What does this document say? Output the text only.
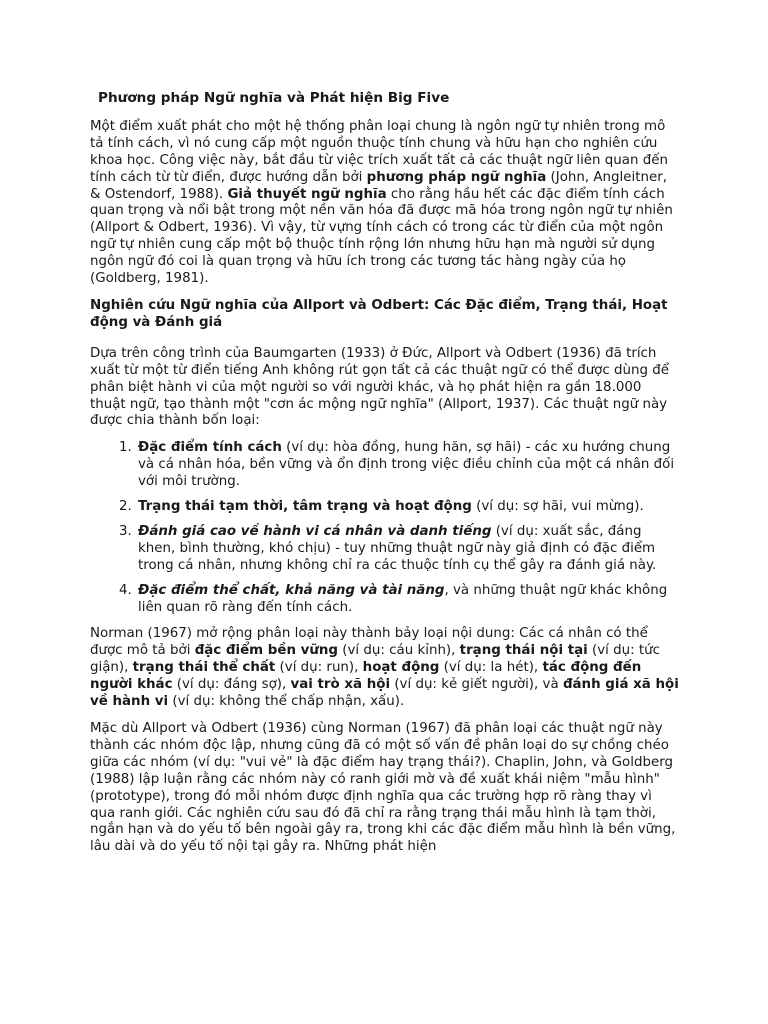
Phương pháp Ngữ nghĩa và Phát hiện Big Five

Một điểm xuất phát cho một hệ thống phân loại chung là ngôn ngữ tự nhiên trong mô tả tính cách, vì nó cung cấp một nguồn thuộc tính chung và hữu hạn cho nghiên cứu khoa học. Công việc này, bắt đầu từ việc trích xuất tất cả các thuật ngữ liên quan đến tính cách từ từ điển, được hướng dẫn bởi phương pháp ngữ nghĩa (John, Angleitner, & Ostendorf, 1988). Giả thuyết ngữ nghĩa cho rằng hầu hết các đặc điểm tính cách quan trọng và nổi bật trong một nền văn hóa đã được mã hóa trong ngôn ngữ tự nhiên (Allport & Odbert, 1936). Vì vậy, từ vựng tính cách có trong các từ điển của một ngôn ngữ tự nhiên cung cấp một bộ thuộc tính rộng lớn nhưng hữu hạn mà người sử dụng ngôn ngữ đó coi là quan trọng và hữu ích trong các tương tác hàng ngày của họ (Goldberg, 1981).

Nghiên cứu Ngữ nghĩa của Allport và Odbert: Các Đặc điểm, Trạng thái, Hoạt động và Đánh giá

Dựa trên công trình của Baumgarten (1933) ở Đức, Allport và Odbert (1936) đã trích xuất từ một từ điển tiếng Anh không rút gọn tất cả các thuật ngữ có thể được dùng để phân biệt hành vi của một người so với người khác, và họ phát hiện ra gần 18.000 thuật ngữ, tạo thành một "cơn ác mộng ngữ nghĩa" (Allport, 1937). Các thuật ngữ này được chia thành bốn loại:

1. Đặc điểm tính cách (ví dụ: hòa đồng, hung hăn, sợ hãi) - các xu hướng chung và cá nhân hóa, bền vững và ổn định trong việc điều chỉnh của một cá nhân đối với môi trường.
2. Trạng thái tạm thời, tâm trạng và hoạt động (ví dụ: sợ hãi, vui mừng).
3. Đánh giá cao về hành vi cá nhân và danh tiếng (ví dụ: xuất sắc, đáng khen, bình thường, khó chịu) - tuy những thuật ngữ này giả định có đặc điểm trong cá nhân, nhưng không chỉ ra các thuộc tính cụ thể gây ra đánh giá này.
4. Đặc điểm thể chất, khả năng và tài năng, và những thuật ngữ khác không liên quan rõ ràng đến tính cách.

Norman (1967) mở rộng phân loại này thành bảy loại nội dung: Các cá nhân có thể được mô tả bởi đặc điểm bền vững (ví dụ: cáu kỉnh), trạng thái nội tại (ví dụ: tức giận), trạng thái thể chất (ví dụ: run), hoạt động (ví dụ: la hét), tác động đến người khác (ví dụ: đáng sợ), vai trò xã hội (ví dụ: kẻ giết người), và đánh giá xã hội về hành vi (ví dụ: không thể chấp nhận, xấu).

Mặc dù Allport và Odbert (1936) cùng Norman (1967) đã phân loại các thuật ngữ này thành các nhóm độc lập, nhưng cũng đã có một số vấn đề phân loại do sự chồng chéo giữa các nhóm (ví dụ: "vui vẻ" là đặc điểm hay trạng thái?). Chaplin, John, và Goldberg (1988) lập luận rằng các nhóm này có ranh giới mờ và đề xuất khái niệm "mẫu hình" (prototype), trong đó mỗi nhóm được định nghĩa qua các trường hợp rõ ràng thay vì qua ranh giới. Các nghiên cứu sau đó đã chỉ ra rằng trạng thái mẫu hình là tạm thời, ngắn hạn và do yếu tố bên ngoài gây ra, trong khi các đặc điểm mẫu hình là bền vững, lâu dài và do yếu tố nội tại gây ra. Những phát hiện
